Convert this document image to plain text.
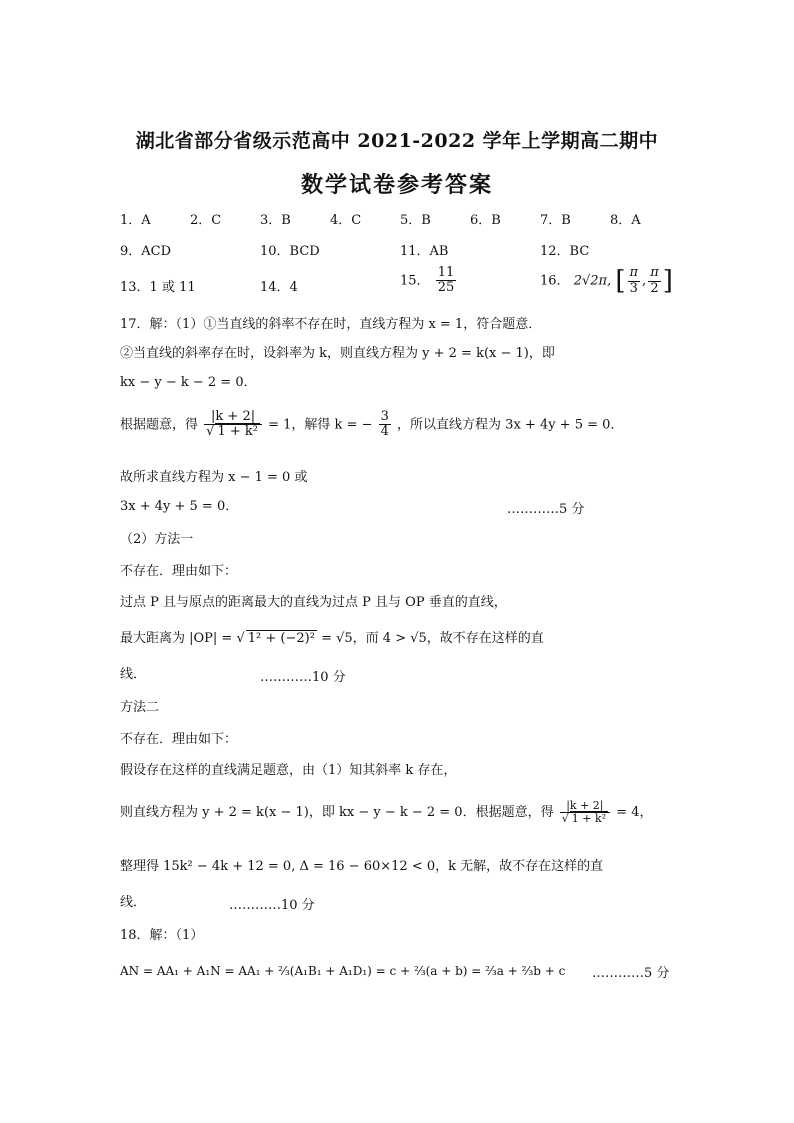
湖北省部分省级示范高中 2021-2022 学年上学期高二期中
数学试卷参考答案
1．A	2．C	3．B	4．C	5．B	6．B	7．B	8．A
9．ACD	10．BCD	11．AB	12．BC
13．1 或 11	14．4	15． $\frac{11}{25}$	16． 2√2π, [ $\frac{\pi}{3}$ , $\frac{\pi}{2}$ ]
17．解：（1）①当直线的斜率不存在时，直线方程为 x = 1，符合题意．
②当直线的斜率存在时，设斜率为 k，则直线方程为 y + 2 = k(x − 1)，即
kx − y − k − 2 = 0．
根据题意，得 $\frac{|k + 2|}{\text{√ 1 + k²}} = 1$，解得 k = − $\frac{3}{4}$ ，所以直线方程为 3x + 4y + 5 = 0．
故所求直线方程为 x − 1 = 0 或
3x + 4y + 5 = 0．	…………5 分
（2）方法一
不存在．理由如下：
过点 P 且与原点的距离最大的直线为过点 P 且与 OP 垂直的直线，
最大距离为 |OP| = √ 1² + (−2)² = √5，而 4 > √5，故不存在这样的直
线．	…………10 分
方法二
不存在．理由如下：
假设存在这样的直线满足题意，由（1）知其斜率 k 存在，
则直线方程为 y + 2 = k(x − 1)，即 kx − y − k − 2 = 0．根据题意，得 $\frac{|k + 2|}{\text{√ 1 + k²}} = 4$，
整理得 15k² − 4k + 12 = 0, Δ = 16 − 60×12 < 0，k 无解，故不存在这样的直
线．	…………10 分
18．解：（1）
AN = AA₁ + A₁N = AA₁ + ⅔(A₁B₁ + A₁D₁) = c + ⅔(a + b) = ⅔a + ⅔b + c …………5 分
